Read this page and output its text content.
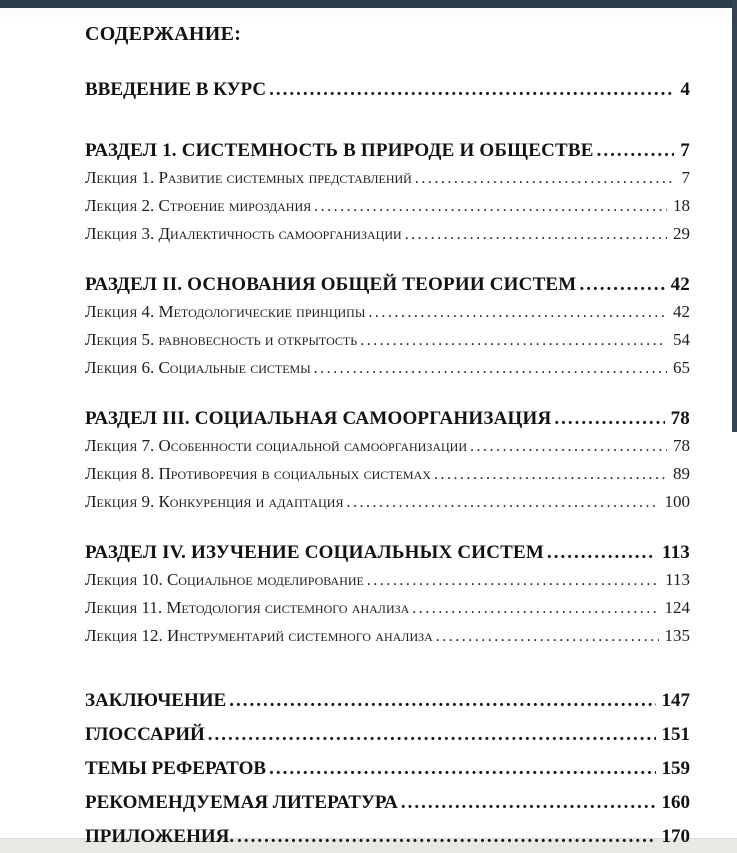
СОДЕРЖАНИЕ:
ВВЕДЕНИЕ В КУРС .....	4
РАЗДЕЛ 1. СИСТЕМНОСТЬ В ПРИРОДЕ И ОБЩЕСТВЕ .....	7
Лекция 1. Развитие системных представлений .....	7
Лекция 2. Строение мироздания .....	18
Лекция 3. Диалектичность самоорганизации .....	29
РАЗДЕЛ II. ОСНОВАНИЯ ОБЩЕЙ ТЕОРИИ СИСТЕМ .....	42
Лекция 4. Методологические принципы .....	42
Лекция 5. равновесность и открытость .....	54
Лекция 6. Социальные системы .....	65
РАЗДЕЛ III. СОЦИАЛЬНАЯ САМООРГАНИЗАЦИЯ .....	78
Лекция 7. Особенности социальной самоорганизации .....	78
Лекция 8. Противоречия в социальных системах .....	89
Лекция 9. Конкуренция и адаптация .....	100
РАЗДЕЛ IV. ИЗУЧЕНИЕ СОЦИАЛЬНЫХ СИСТЕМ .....	113
Лекция 10. Социальное моделирование .....	113
Лекция 11. Методология системного анализа .....	124
Лекция 12. Инструментарий системного анализа .....	135
ЗАКЛЮЧЕНИЕ .....	147
ГЛОССАРИЙ .....	151
ТЕМЫ РЕФЕРАТОВ .....	159
РЕКОМЕНДУЕМАЯ ЛИТЕРАТУРА .....	160
ПРИЛОЖЕНИЯ. .....	170
